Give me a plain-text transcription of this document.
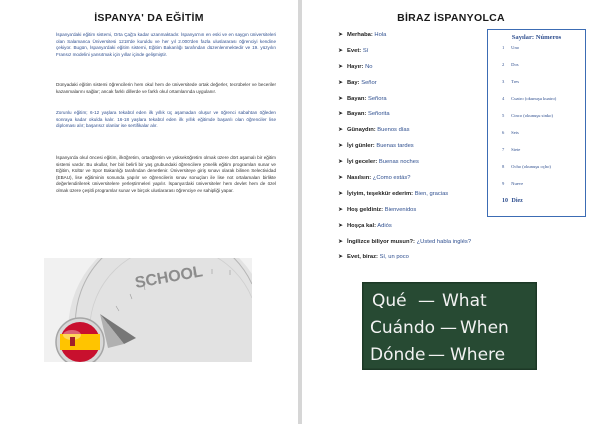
İSPANYA' DA EĞİTİM

İspanya'daki eğitim sistemi, Orta Çağ'a kadar uzanmaktadır. İspanya'nın en eski ve en saygın üniversiteleri olan Salamanca Üniversitesi 1218'de kuruldu ve her yıl 2.000'den fazla uluslararası öğrenciyi kendine çekiyor. Bugün, İspanya'daki eğitim sistemi, Eğitim Bakanlığı tarafından düzenlenmektedir ve 19. yüzyılın Fransız modelini yansıtmak için yıllar içinde gelişmiştir.

Dünyadaki eğitim sistemi öğrencilerin hem okul hem de üniversitede ortak değerler, tecrübeler ve beceriler kazanmalarını sağlar; ancak farklı dillerde ve farklı okul ortamlarında uygulanır.

Zorunlu eğitim; 6-12 yaşlara tekabül eden ilk yıllık üç aşamadan oluşur ve öğrenci sabahtan öğleden sonraya kadar okulda kalır. 16-18 yaşlara tekabül eden ilk yıllık eğitimde başarılı olan öğrenciler lise diploması alır; başarısız olanlar ise sertifikalar alır.

İspanya'da okul öncesi eğitim, ilköğretim, ortaöğretim ve yükseköğretim olmak üzere dört aşamalı bir eğitim sistemi vardır. Bu okullar, her biri belirli bir yaş grubundaki öğrencilere yönelik eğitim programları sunar ve Eğitim, Kültür ve Spor Bakanlığı tarafından denetlenir. Üniversiteye giriş sınavı olarak bilinen Selectividad (EBAU), lise eğitiminin sonunda yapılır ve öğrencilerin sınav sonuçları ile lise not ortalamaları birlikte değerlendirilerek üniversitelere yerleştirmeleri yapılır. İspanya'daki üniversiteler hem devlet hem de özel olmak üzere çeşitli programlar sunar ve birçok uluslararası öğrenciye ev sahipliği yapar.

SCHOOL
BİRAZ İSPANYOLCA
➤ Merhaba: Hola
➤ Evet: Sí
➤ Hayır: No
➤ Bay: Señor
➤ Bayan: Señora
➤ Bayan: Señorita
➤ Günaydın: Buenos días
➤ İyi günler: Buenas tardes
➤ İyi geceler: Buenas noches
➤ Nasılsın: ¿Como estás?
➤ İyiyim, teşekkür ederim: Bien, gracias
➤ Hoş geldiniz: Bienvenidos
➤ Hoşça kal: Adiós
➤ İngilizce biliyor musun?: ¿Usted habla inglés?
➤ Evet, biraz: Sí, un poco
Sayılar: Números
1 Uno
2 Dos
3 Tres
4 Cuatro (okunuşu kuatro)
5 Cinco (okunuşu sinko)
6 Seis
7 Siete
8 Ocho (okunuşu oçho)
9 Nueve
10 Diez
Qué — What
Cuándo — When
Dónde — Where
